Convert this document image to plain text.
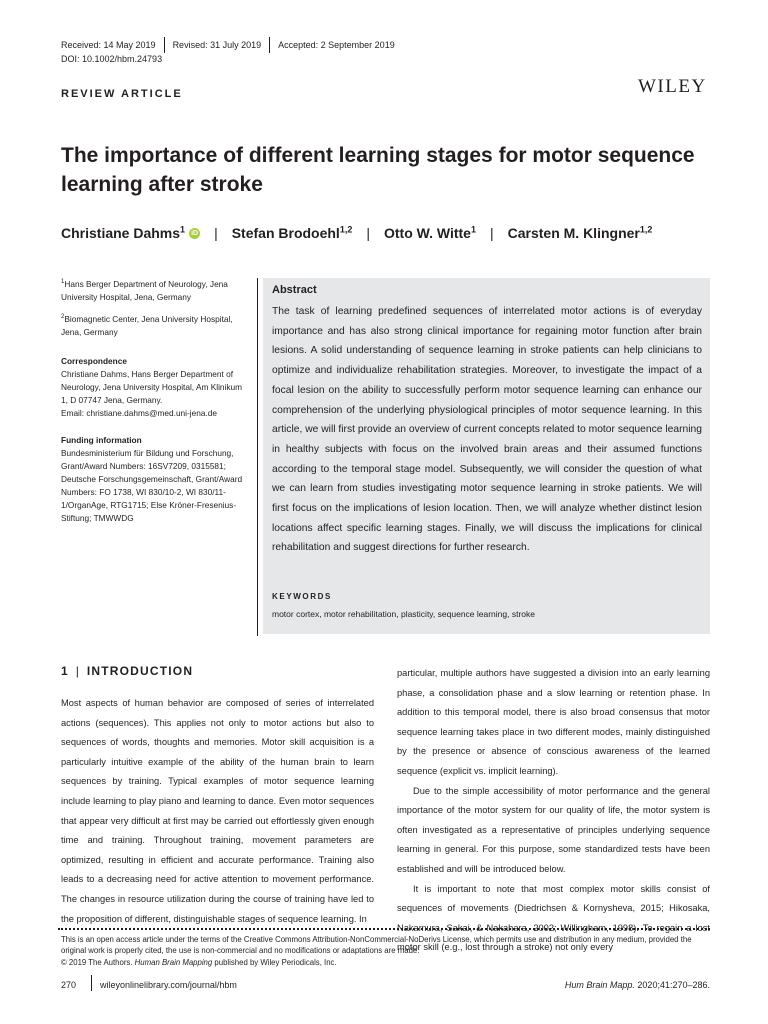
Received: 14 May 2019 Revised: 31 July 2019 Accepted: 2 September 2019
DOI: 10.1002/hbm.24793
WILEY
REVIEW ARTICLE
The importance of different learning stages for motor sequence learning after stroke
Christiane Dahms$^1$ iD | Stefan Brodoehl$^{1,2}$ | Otto W. Witte$^1$ | Carsten M. Klingner$^{1,2}$

$^1$Hans Berger Department of Neurology, Jena University Hospital, Jena, Germany

$^2$Biomagnetic Center, Jena University Hospital, Jena, Germany

Correspondence
Christiane Dahms, Hans Berger Department of Neurology, Jena University Hospital, Am Klinikum 1, D 07747 Jena, Germany.
Email: christiane.dahms@med.uni-jena.de

Funding information
Bundesministerium für Bildung und Forschung, Grant/Award Numbers: 16SV7209, 0315581; Deutsche Forschungsgemeinschaft, Grant/Award Numbers: FO 1738, WI 830/10-2, WI 830/11-1/OrganAge, RTG1715; Else Kröner-Fresenius-Stiftung; TMWWDG

Abstract
The task of learning predefined sequences of interrelated motor actions is of everyday importance and has also strong clinical importance for regaining motor function after brain lesions. A solid understanding of sequence learning in stroke patients can help clinicians to optimize and individualize rehabilitation strategies. Moreover, to investigate the impact of a focal lesion on the ability to successfully perform motor sequence learning can enhance our comprehension of the underlying physiological principles of motor sequence learning. In this article, we will first provide an overview of current concepts related to motor sequence learning in healthy subjects with focus on the involved brain areas and their assumed functions according to the temporal stage model. Subsequently, we will consider the question of what we can learn from studies investigating motor sequence learning in stroke patients. We will first focus on the implications of lesion location. Then, we will analyze whether distinct lesion locations affect specific learning stages. Finally, we will discuss the implications for clinical rehabilitation and suggest directions for further research.
KEYWORDS
motor cortex, motor rehabilitation, plasticity, sequence learning, stroke
1 | INTRODUCTION

Most aspects of human behavior are composed of series of interrelated actions (sequences). This applies not only to motor actions but also to sequences of words, thoughts and memories. Motor skill acquisition is a particularly intuitive example of the ability of the human brain to learn sequences by training. Typical examples of motor sequence learning include learning to play piano and learning to dance. Even motor sequences that appear very difficult at first may be carried out effortlessly given enough time and training. Throughout training, movement parameters are optimized, resulting in efficient and accurate performance. Training also leads to a decreasing need for active attention to movement performance. The changes in resource utilization during the course of training have led to the proposition of different, distinguishable stages of sequence learning. In

particular, multiple authors have suggested a division into an early learning phase, a consolidation phase and a slow learning or retention phase. In addition to this temporal model, there is also broad consensus that motor sequence learning takes place in two different modes, mainly distinguished by the presence or absence of conscious awareness of the learned sequence (explicit vs. implicit learning).

Due to the simple accessibility of motor performance and the general importance of the motor system for our quality of life, the motor system is often investigated as a representative of principles underlying sequence learning in general. For this purpose, some standardized tests have been established and will be introduced below.

It is important to note that most complex motor skills consist of sequences of movements (Diedrichsen & Kornysheva, 2015; Hikosaka, Nakamura, Sakai, & Nakahara, 2002; Willingham, 1998). To regain a lost motor skill (e.g., lost through a stroke) not only every

This is an open access article under the terms of the Creative Commons Attribution-NonCommercial-NoDerivs License, which permits use and distribution in any medium, provided the original work is properly cited, the use is non-commercial and no modifications or adaptations are made.

© 2019 The Authors. Human Brain Mapping published by Wiley Periodicals, Inc.

270	wileyonlinelibrary.com/journal/hbm	Hum Brain Mapp. 2020;41:270–286.
